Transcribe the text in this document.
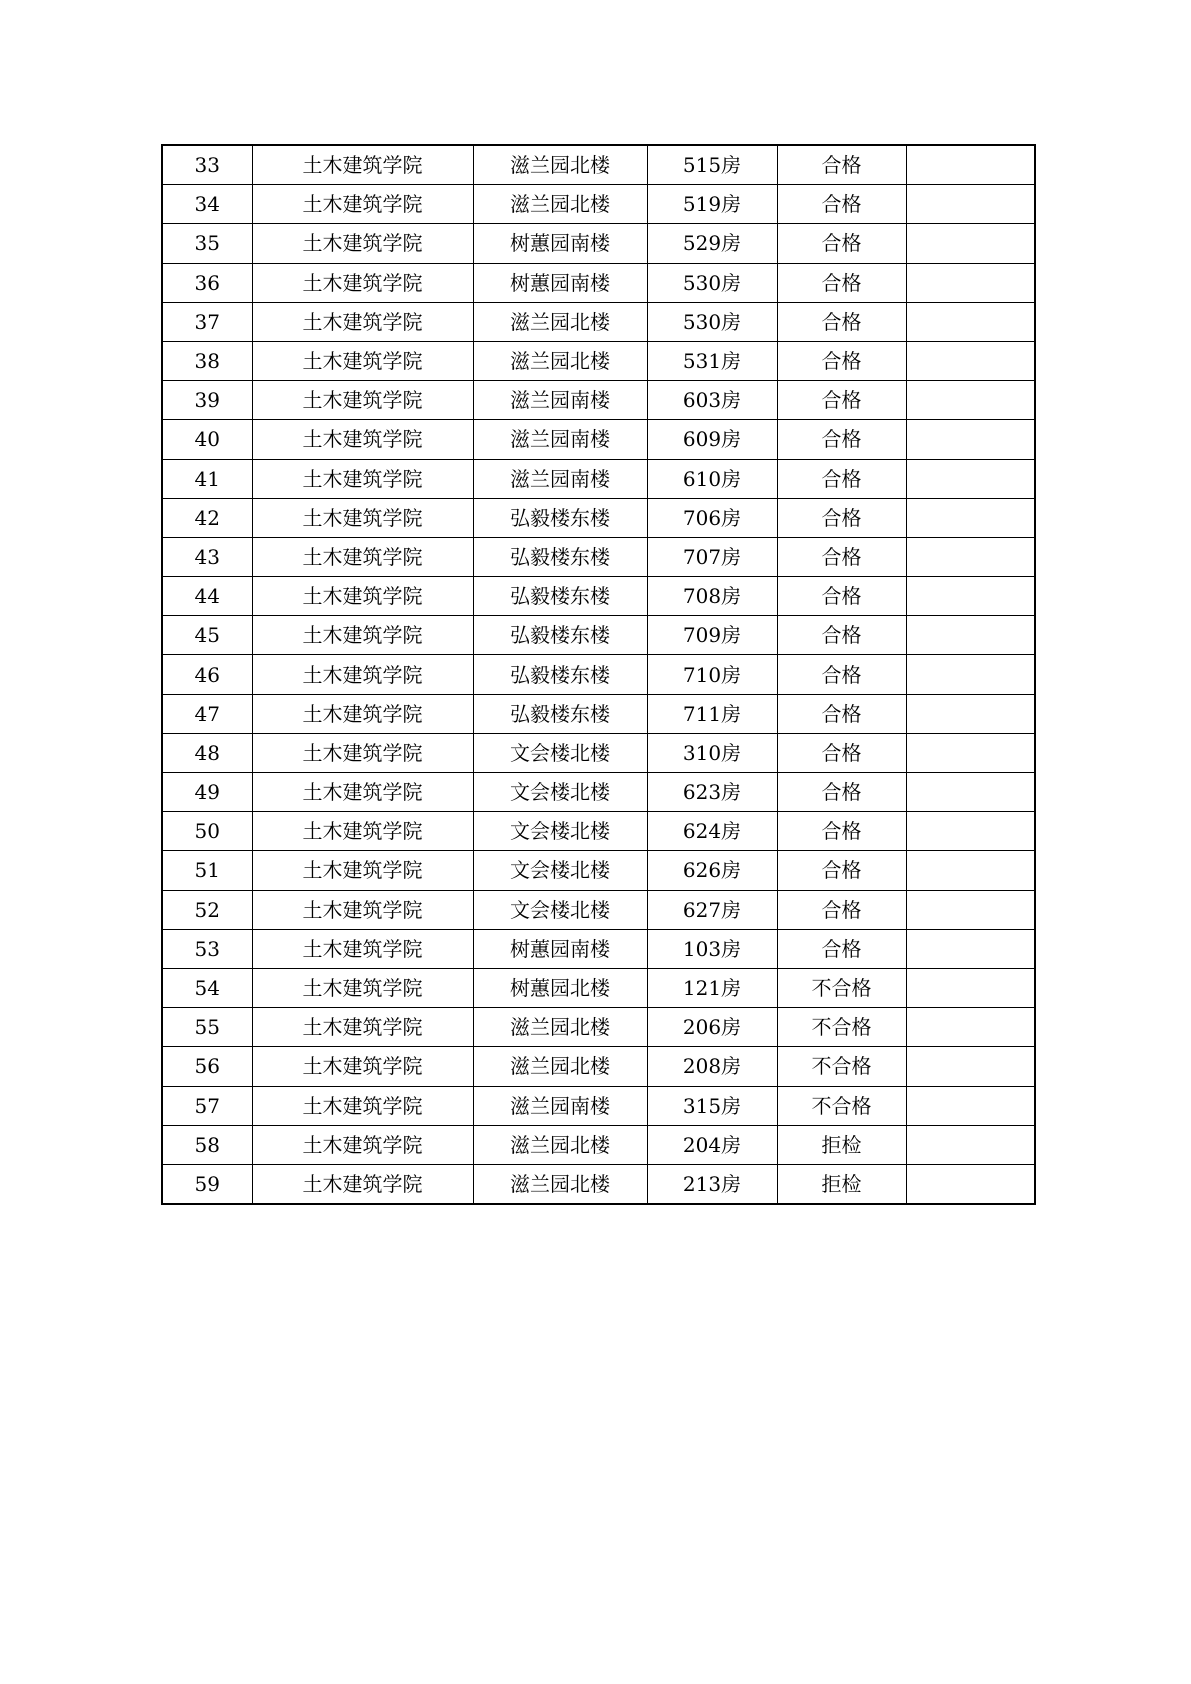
33	土木建筑学院	滋兰园北楼	515房	合格	
34	土木建筑学院	滋兰园北楼	519房	合格	
35	土木建筑学院	树蕙园南楼	529房	合格	
36	土木建筑学院	树蕙园南楼	530房	合格	
37	土木建筑学院	滋兰园北楼	530房	合格	
38	土木建筑学院	滋兰园北楼	531房	合格	
39	土木建筑学院	滋兰园南楼	603房	合格	
40	土木建筑学院	滋兰园南楼	609房	合格	
41	土木建筑学院	滋兰园南楼	610房	合格	
42	土木建筑学院	弘毅楼东楼	706房	合格	
43	土木建筑学院	弘毅楼东楼	707房	合格	
44	土木建筑学院	弘毅楼东楼	708房	合格	
45	土木建筑学院	弘毅楼东楼	709房	合格	
46	土木建筑学院	弘毅楼东楼	710房	合格	
47	土木建筑学院	弘毅楼东楼	711房	合格	
48	土木建筑学院	文会楼北楼	310房	合格	
49	土木建筑学院	文会楼北楼	623房	合格	
50	土木建筑学院	文会楼北楼	624房	合格	
51	土木建筑学院	文会楼北楼	626房	合格	
52	土木建筑学院	文会楼北楼	627房	合格	
53	土木建筑学院	树蕙园南楼	103房	合格	
54	土木建筑学院	树蕙园北楼	121房	不合格	
55	土木建筑学院	滋兰园北楼	206房	不合格	
56	土木建筑学院	滋兰园北楼	208房	不合格	
57	土木建筑学院	滋兰园南楼	315房	不合格	
58	土木建筑学院	滋兰园北楼	204房	拒检	
59	土木建筑学院	滋兰园北楼	213房	拒检	
